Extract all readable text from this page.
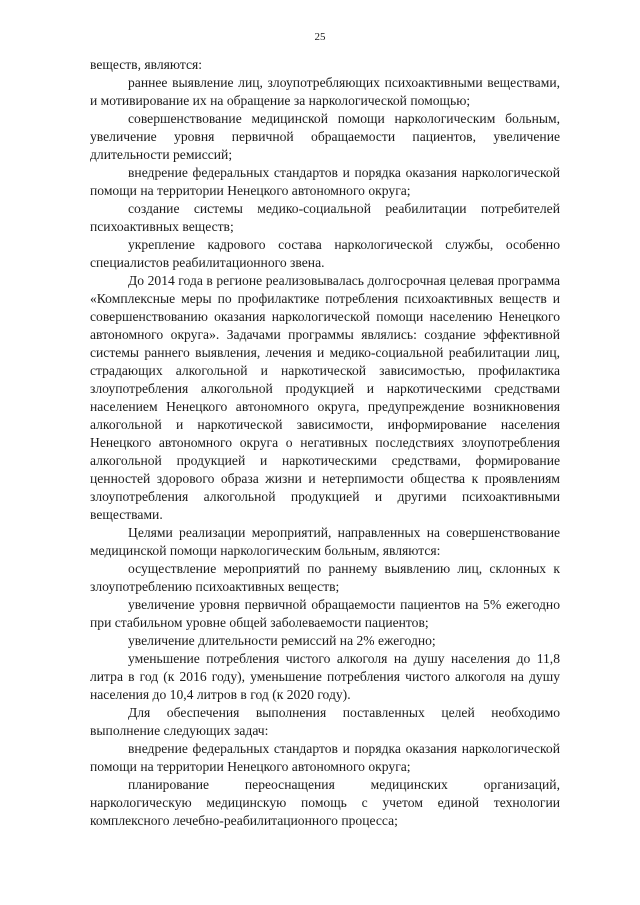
25

веществ, являются:

раннее выявление лиц, злоупотребляющих психоактивными веществами, и мотивирование их на обращение за наркологической помощью;

совершенствование медицинской помощи наркологическим больным, увеличение уровня первичной обращаемости пациентов, увеличение длительности ремиссий;

внедрение федеральных стандартов и порядка оказания наркологической помощи на территории Ненецкого автономного округа;

создание системы медико-социальной реабилитации потребителей психоактивных веществ;

укрепление кадрового состава наркологической службы, особенно специалистов реабилитационного звена.

До 2014 года в регионе реализовывалась долгосрочная целевая программа «Комплексные меры по профилактике потребления психоактивных веществ и совершенствованию оказания наркологической помощи населению Ненецкого автономного округа». Задачами программы являлись: создание эффективной системы раннего выявления, лечения и медико-социальной реабилитации лиц, страдающих алкогольной и наркотической зависимостью, профилактика злоупотребления алкогольной продукцией и наркотическими средствами населением Ненецкого автономного округа, предупреждение возникновения алкогольной и наркотической зависимости, информирование населения Ненецкого автономного округа о негативных последствиях злоупотребления алкогольной продукцией и наркотическими средствами, формирование ценностей здорового образа жизни и нетерпимости общества к проявлениям злоупотребления алкогольной продукцией и другими психоактивными веществами.

Целями реализации мероприятий, направленных на совершенствование медицинской помощи наркологическим больным, являются:

осуществление мероприятий по раннему выявлению лиц, склонных к злоупотреблению психоактивных веществ;

увеличение уровня первичной обращаемости пациентов на 5% ежегодно при стабильном уровне общей заболеваемости пациентов;

увеличение длительности ремиссий на 2% ежегодно;

уменьшение потребления чистого алкоголя на душу населения до 11,8 литра в год (к 2016 году), уменьшение потребления чистого алкоголя на душу населения до 10,4 литров в год (к 2020 году).

Для обеспечения выполнения поставленных целей необходимо выполнение следующих задач:

внедрение федеральных стандартов и порядка оказания наркологической помощи на территории Ненецкого автономного округа;

планирование переоснащения медицинских организаций, наркологическую медицинскую помощь с учетом единой технологии комплексного лечебно-реабилитационного процесса;
